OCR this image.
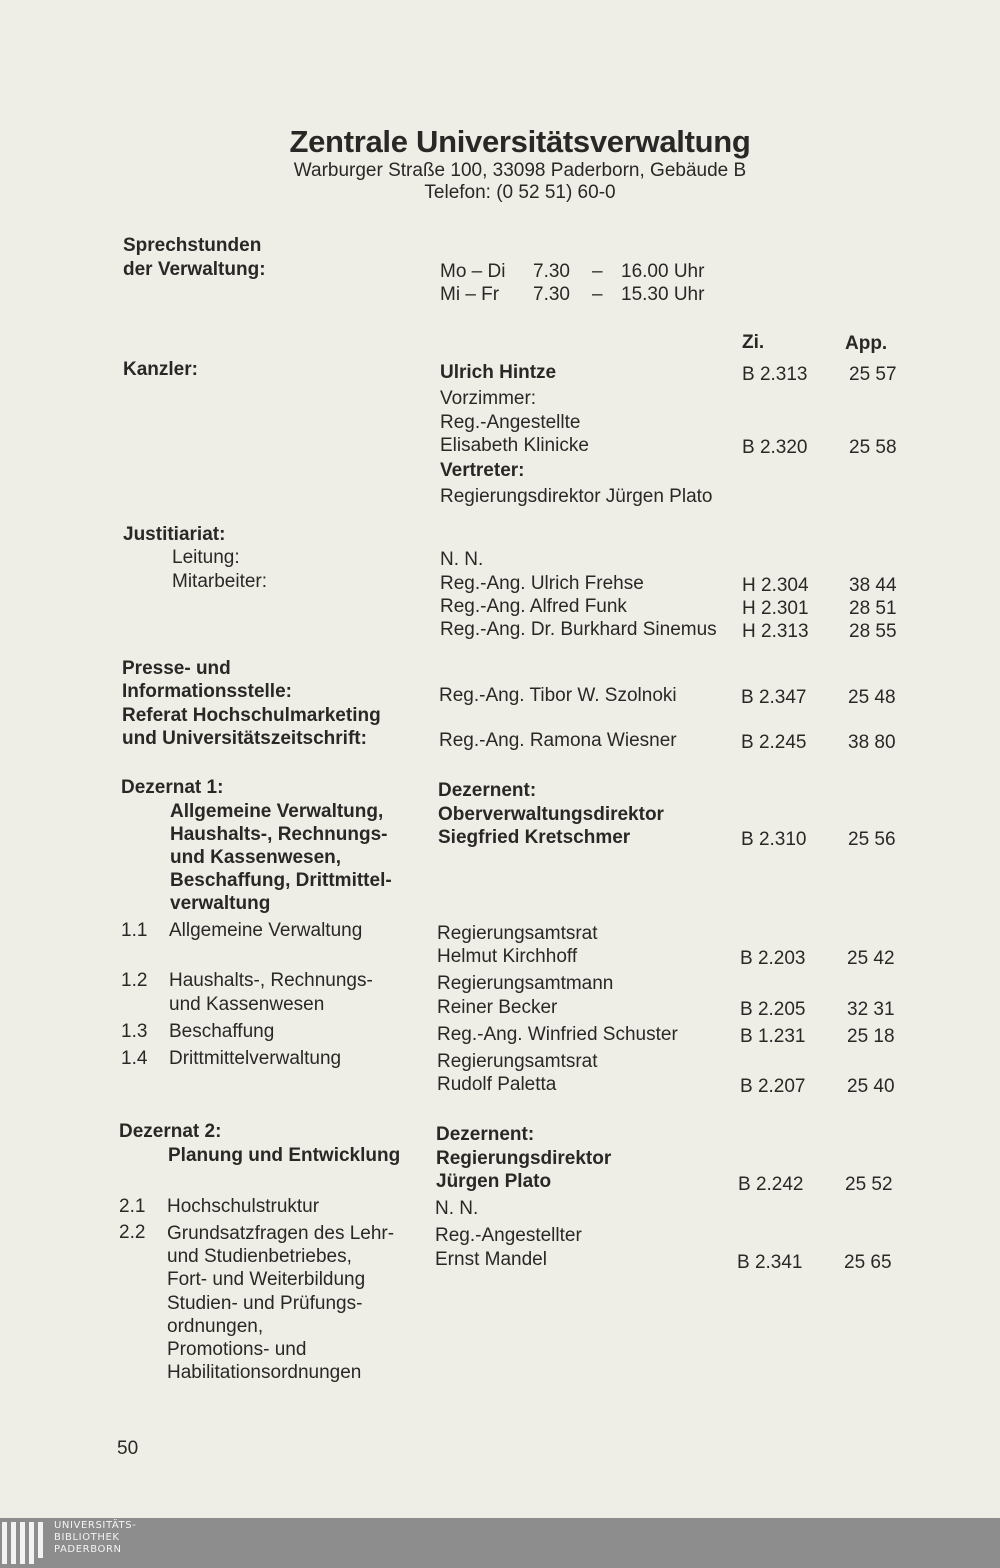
Zentrale Universitätsverwaltung
Warburger Straße 100, 33098 Paderborn, Gebäude B
Telefon: (0 52 51) 60-0
Sprechstunden
der Verwaltung:	Mo – Di 7.30 – 16.00 Uhr
Mi – Fr 7.30 – 15.30 Uhr
Zi.	App.
Kanzler:	Ulrich Hintze	B 2.313 25 57
Vorzimmer:
Reg.-Angestellte
Elisabeth Klinicke	B 2.320 25 58
Vertreter:
Regierungsdirektor Jürgen Plato
Justitiariat:
Leitung:	N. N.
Mitarbeiter:	Reg.-Ang. Ulrich Frehse	H 2.304 38 44
Reg.-Ang. Alfred Funk	H 2.301 28 51
Reg.-Ang. Dr. Burkhard Sinemus H 2.313 28 55
Presse- und
Informationsstelle:
Referat Hochschulmarketing
und Universitätszeitschrift:
Reg.-Ang. Tibor W. Szolnoki	B 2.347 25 48
Reg.-Ang. Ramona Wiesner	B 2.245 38 80
Dezernat 1:
Allgemeine Verwaltung,
Haushalts-, Rechnungs-
und Kassenwesen,
Beschaffung, Drittmittel-
verwaltung
Dezernent:
Oberverwaltungsdirektor
Siegfried Kretschmer	B 2.310 25 56
1.1 Allgemeine Verwaltung	Regierungsamtsrat
Helmut Kirchhoff	B 2.203 25 42
1.2 Haushalts-, Rechnungs-
und Kassenwesen
Regierungsamtmann
Reiner Becker	B 2.205 32 31
1.3 Beschaffung	Reg.-Ang. Winfried Schuster	B 1.231 25 18
1.4 Drittmittelverwaltung	Regierungsamtsrat
Rudolf Paletta	B 2.207 25 40
Dezernat 2:
Planung und Entwicklung
Dezernent:
Regierungsdirektor
Jürgen Plato	B 2.242 25 52
2.1 Hochschulstruktur	N. N.
2.2 Grundsatzfragen des Lehr-
und Studienbetriebes,
Fort- und Weiterbildung
Studien- und Prüfungs-
ordnungen,
Promotions- und
Habilitationsordnungen
Reg.-Angestellter
Ernst Mandel	B 2.341 25 65
50
UNIVERSITÄTS-
BIBLIOTHEK
PADERBORN
